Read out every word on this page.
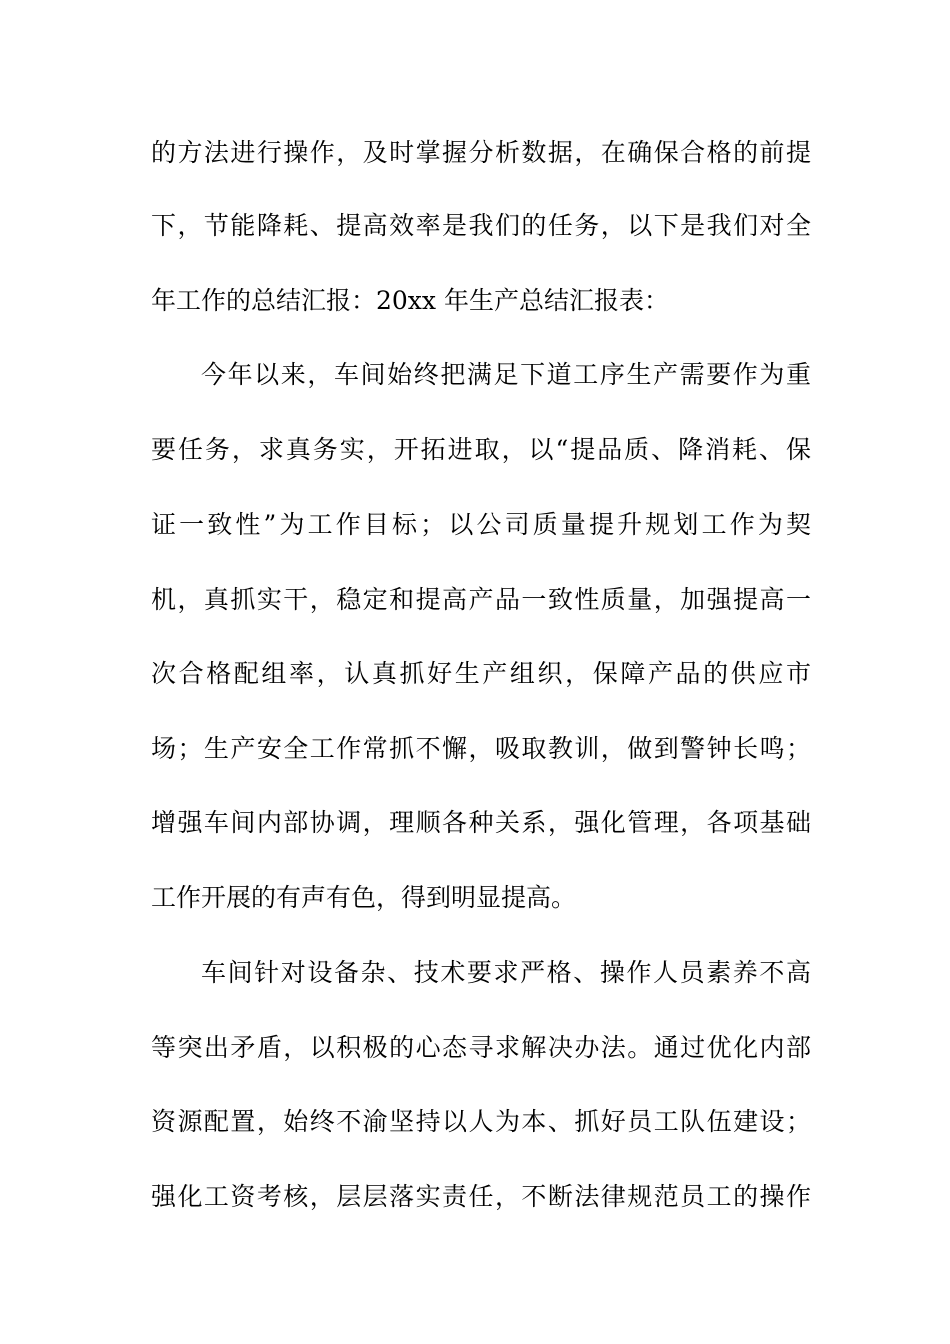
的方法进行操作，及时掌握分析数据，在确保合格的前提
下，节能降耗、提高效率是我们的任务，以下是我们对全
年工作的总结汇报：20xx 年生产总结汇报表：
今年以来，车间始终把满足下道工序生产需要作为重
要任务，求真务实，开拓进取，以“提品质、降消耗、保
证一致性”为工作目标；以公司质量提升规划工作为契
机，真抓实干，稳定和提高产品一致性质量，加强提高一
次合格配组率，认真抓好生产组织，保障产品的供应市
场；生产安全工作常抓不懈，吸取教训，做到警钟长鸣；
增强车间内部协调，理顺各种关系，强化管理，各项基础
工作开展的有声有色，得到明显提高。
车间针对设备杂、技术要求严格、操作人员素养不高
等突出矛盾，以积极的心态寻求解决办法。通过优化内部
资源配置，始终不渝坚持以人为本、抓好员工队伍建设；
强化工资考核，层层落实责任，不断法律规范员工的操作
